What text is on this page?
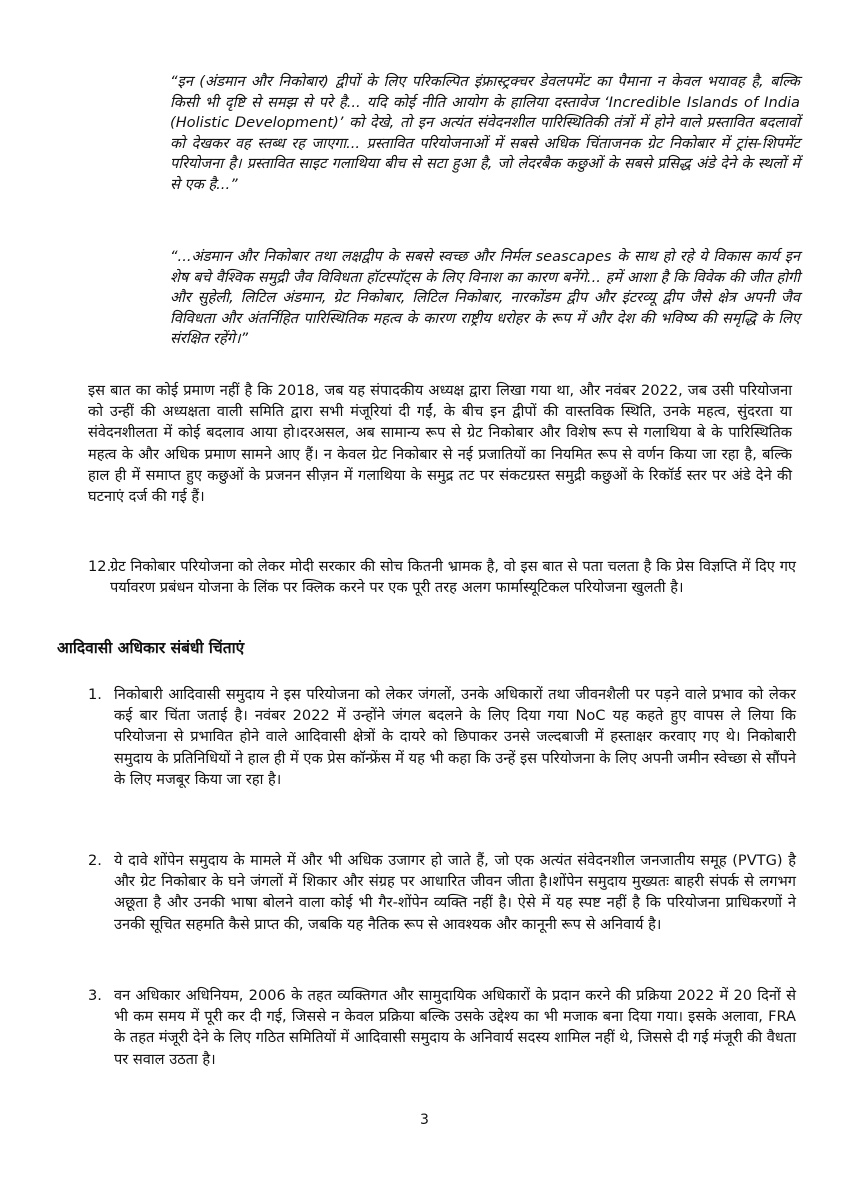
“इन (अंडमान और निकोबार) द्वीपों के लिए परिकल्पित इंफ्रास्ट्रक्चर डेवलपमेंट का पैमाना न केवल भयावह है, बल्कि किसी भी दृष्टि से समझ से परे है... यदि कोई नीति आयोग के हालिया दस्तावेज ‘Incredible Islands of India (Holistic Development)’ को देखे, तो इन अत्यंत संवेदनशील पारिस्थितिकी तंत्रों में होने वाले प्रस्तावित बदलावों को देखकर वह स्तब्ध रह जाएगा... प्रस्तावित परियोजनाओं में सबसे अधिक चिंताजनक ग्रेट निकोबार में ट्रांस-शिपमेंट परियोजना है। प्रस्तावित साइट गलाथिया बीच से सटा हुआ है, जो लेदरबैक कछुओं के सबसे प्रसिद्ध अंडे देने के स्थलों में से एक है...”

“...अंडमान और निकोबार तथा लक्षद्वीप के सबसे स्वच्छ और निर्मल seascapes के साथ हो रहे ये विकास कार्य इन शेष बचे वैश्विक समुद्री जैव विविधता हॉटस्पॉट्स के लिए विनाश का कारण बनेंगे... हमें आशा है कि विवेक की जीत होगी और सुहेली, लिटिल अंडमान, ग्रेट निकोबार, लिटिल निकोबार, नारकोंडम द्वीप और इंटरव्यू द्वीप जैसे क्षेत्र अपनी जैव विविधता और अंतर्निहित पारिस्थितिक महत्व के कारण राष्ट्रीय धरोहर के रूप में और देश की भविष्य की समृद्धि के लिए संरक्षित रहेंगे।”

इस बात का कोई प्रमाण नहीं है कि 2018, जब यह संपादकीय अध्यक्ष द्वारा लिखा गया था, और नवंबर 2022, जब उसी परियोजना को उन्हीं की अध्यक्षता वाली समिति द्वारा सभी मंजूरियां दी गईं, के बीच इन द्वीपों की वास्तविक स्थिति, उनके महत्व, सुंदरता या संवेदनशीलता में कोई बदलाव आया हो।दरअसल, अब सामान्य रूप से ग्रेट निकोबार और विशेष रूप से गलाथिया बे के पारिस्थितिक महत्व के और अधिक प्रमाण सामने आए हैं। न केवल ग्रेट निकोबार से नई प्रजातियों का नियमित रूप से वर्णन किया जा रहा है, बल्कि हाल ही में समाप्त हुए कछुओं के प्रजनन सीज़न में गलाथिया के समुद्र तट पर संकटग्रस्त समुद्री कछुओं के रिकॉर्ड स्तर पर अंडे देने की घटनाएं दर्ज की गई हैं।

12.
ग्रेट निकोबार परियोजना को लेकर मोदी सरकार की सोच कितनी भ्रामक है, वो इस बात से पता चलता है कि प्रेस विज्ञप्ति में दिए गए पर्यावरण प्रबंधन योजना के लिंक पर क्लिक करने पर एक पूरी तरह अलग फार्मास्यूटिकल परियोजना खुलती है।
आदिवासी अधिकार संबंधी चिंताएं
1. निकोबारी आदिवासी समुदाय ने इस परियोजना को लेकर जंगलों, उनके अधिकारों तथा जीवनशैली पर पड़ने वाले प्रभाव को लेकर कई बार चिंता जताई है। नवंबर 2022 में उन्होंने जंगल बदलने के लिए दिया गया NoC यह कहते हुए वापस ले लिया कि परियोजना से प्रभावित होने वाले आदिवासी क्षेत्रों के दायरे को छिपाकर उनसे जल्दबाजी में हस्ताक्षर करवाए गए थे। निकोबारी समुदाय के प्रतिनिधियों ने हाल ही में एक प्रेस कॉन्फ्रेंस में यह भी कहा कि उन्हें इस परियोजना के लिए अपनी जमीन स्वेच्छा से सौंपने के लिए मजबूर किया जा रहा है।
2. ये दावे शोंपेन समुदाय के मामले में और भी अधिक उजागर हो जाते हैं, जो एक अत्यंत संवेदनशील जनजातीय समूह (PVTG) है और ग्रेट निकोबार के घने जंगलों में शिकार और संग्रह पर आधारित जीवन जीता है।शोंपेन समुदाय मुख्यतः बाहरी संपर्क से लगभग अछूता है और उनकी भाषा बोलने वाला कोई भी गैर-शोंपेन व्यक्ति नहीं है। ऐसे में यह स्पष्ट नहीं है कि परियोजना प्राधिकरणों ने उनकी सूचित सहमति कैसे प्राप्त की, जबकि यह नैतिक रूप से आवश्यक और कानूनी रूप से अनिवार्य है।
3. वन अधिकार अधिनियम, 2006 के तहत व्यक्तिगत और सामुदायिक अधिकारों के प्रदान करने की प्रक्रिया 2022 में 20 दिनों से भी कम समय में पूरी कर दी गई, जिससे न केवल प्रक्रिया बल्कि उसके उद्देश्य का भी मजाक बना दिया गया। इसके अलावा, FRA के तहत मंजूरी देने के लिए गठित समितियों में आदिवासी समुदाय के अनिवार्य सदस्य शामिल नहीं थे, जिससे दी गई मंजूरी की वैधता पर सवाल उठता है।

3
